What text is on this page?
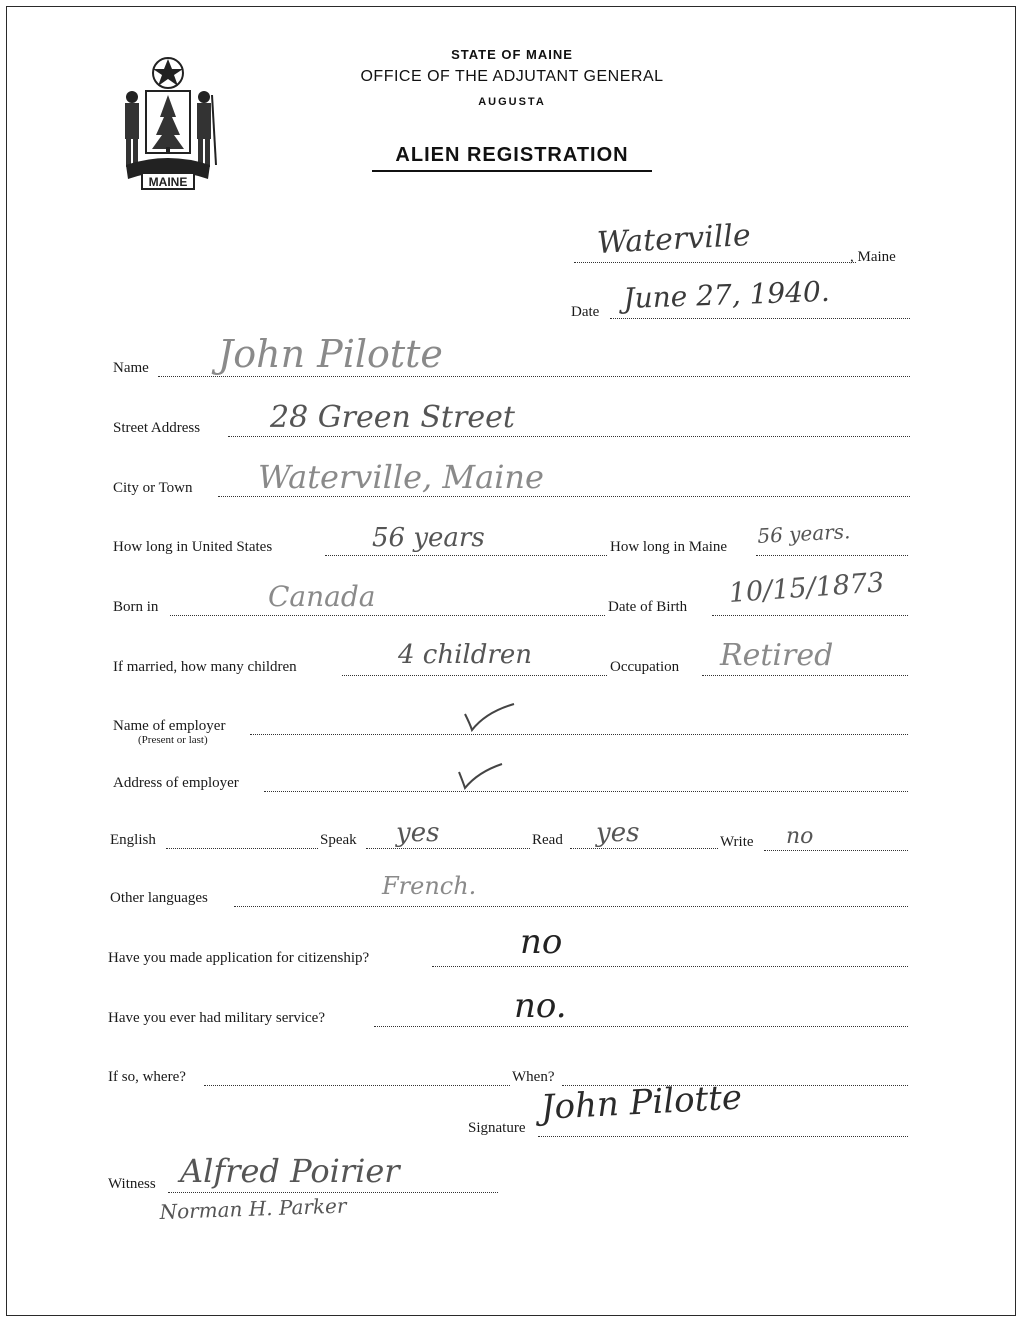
MAINE
STATE OF MAINE
OFFICE OF THE ADJUTANT GENERAL
AUGUSTA
ALIEN REGISTRATION
Waterville	, Maine
Date June 27, 1940.
Name John Pilotte
Street Address 28 Green Street
City or Town Waterville, Maine
How long in United States	56 years	How long in Maine 56 years.
Born in	Canada	Date of Birth 10/15/1873
If married, how many children	4 children	Occupation Retired
Name of employer
(Present or last)
Address of employer
English	Speak yes	Read yes	Write no
Other languages	French.
Have you made application for citizenship?	no
Have you ever had military service?	no.
If so, where?	When?
Signature John Pilotte
Witness Alfred Poirier
Norman H. Parker
